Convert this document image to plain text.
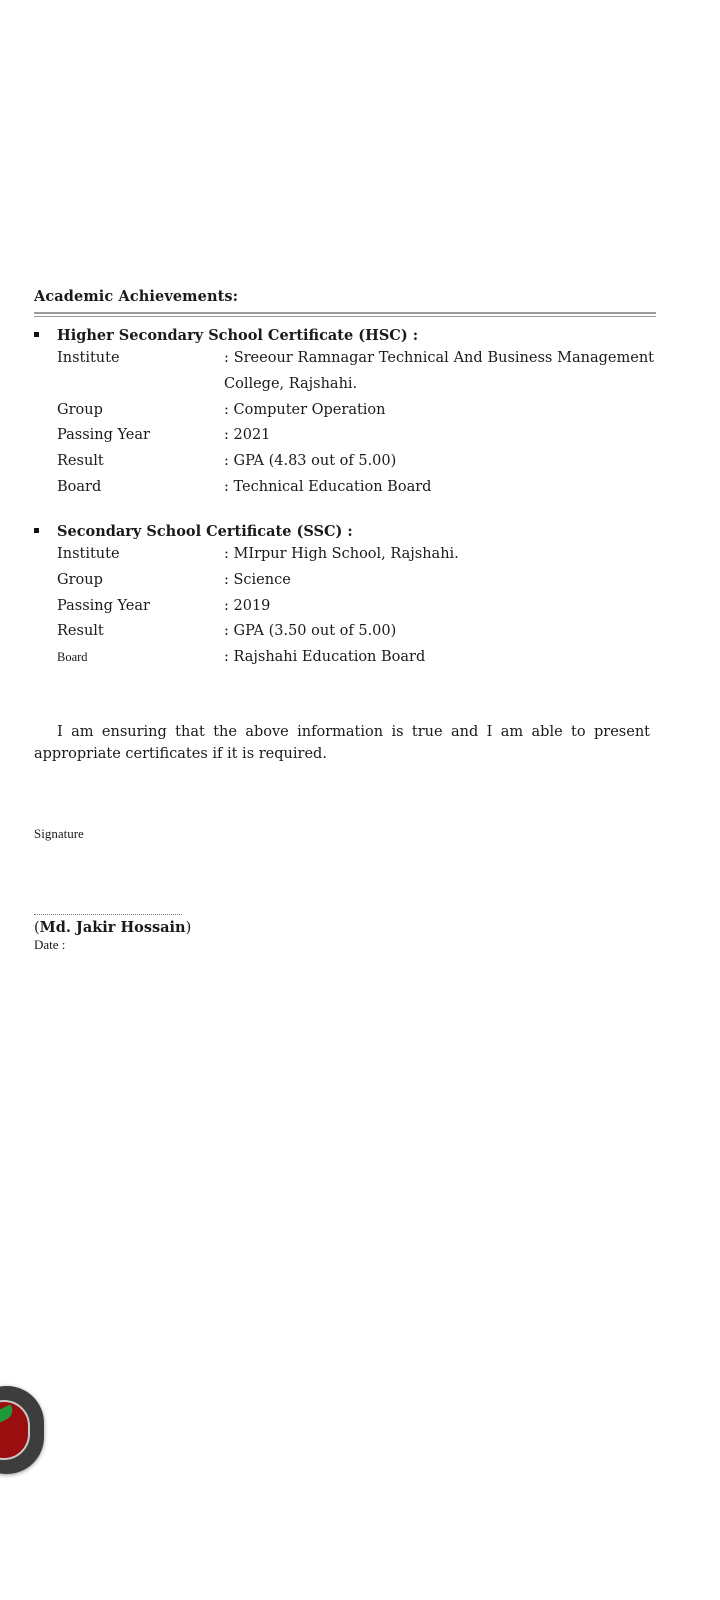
Academic Achievements:
Higher Secondary School Certificate (HSC) :
Institute	: Sreeour Ramnagar Technical And Business Management College, Rajshahi.
Group	: Computer Operation
Passing Year	: 2021
Result	: GPA (4.83 out of 5.00)
Board	: Technical Education Board
Secondary School Certificate (SSC) :
Institute	: MIrpur High School, Rajshahi.
Group	: Science
Passing Year	: 2019
Result	: GPA (3.50 out of 5.00)
Board	: Rajshahi Education Board
I am ensuring that the above information is true and I am able to present appropriate certificates if it is required.
Signature
(Md. Jakir Hossain)
Date :
